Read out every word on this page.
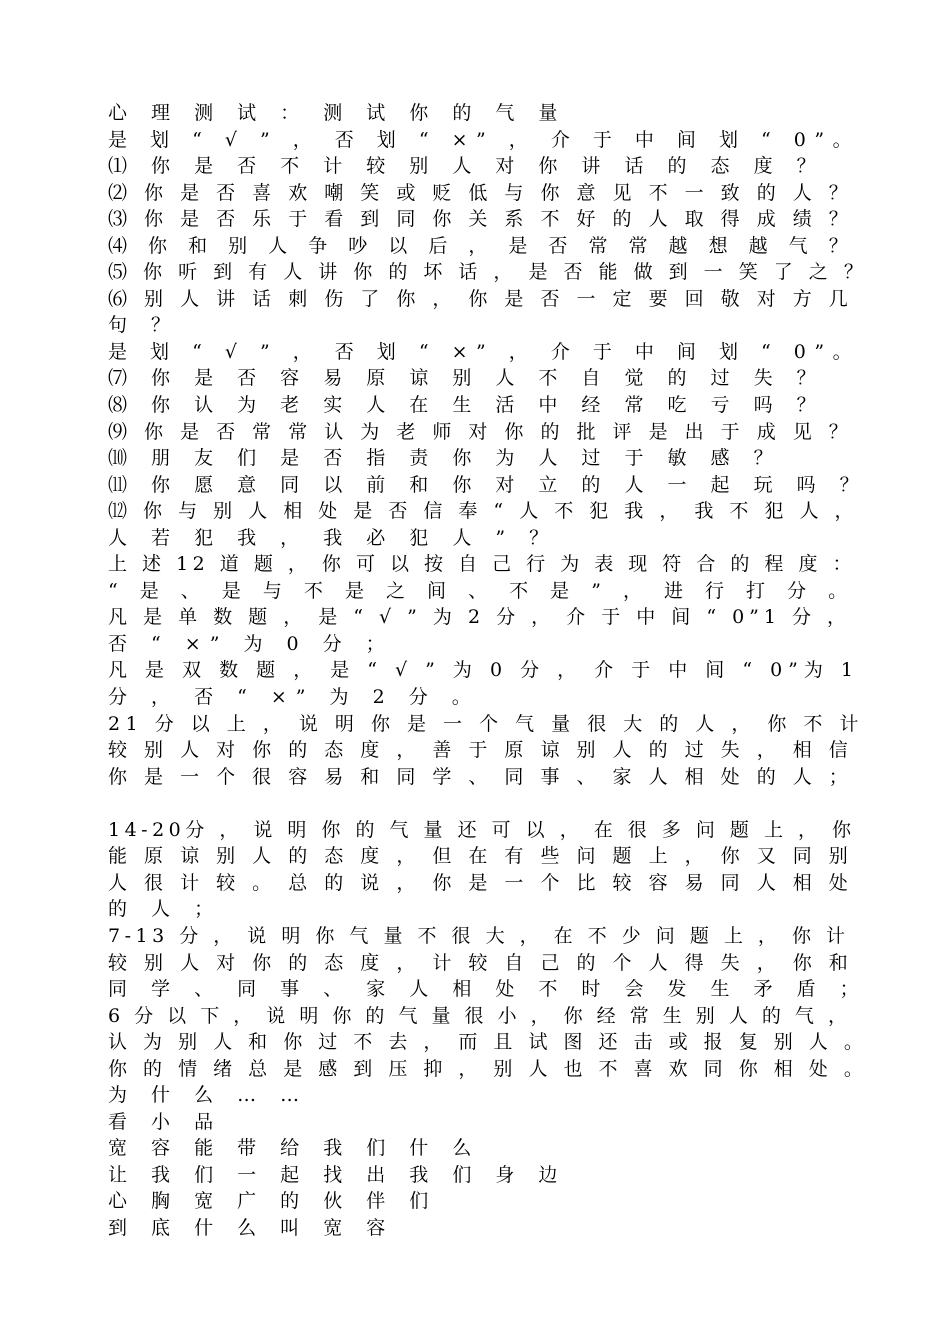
心 理 测 试 ： 测 试 你 的 气 量
是 划 “ √ ” ， 否 划 “ ×” ， 介 于 中 间 划 “ 0”。
⑴ 你 是 否 不 计 较 别 人 对 你 讲 话 的 态 度 ？
⑵ 你 是 否 喜 欢 嘲 笑 或 贬 低 与 你 意 见 不 一 致 的 人 ？
⑶ 你 是 否 乐 于 看 到 同 你 关 系 不 好 的 人 取 得 成 绩 ？
⑷ 你 和 别 人 争 吵 以 后 ， 是 否 常 常 越 想 越 气 ？
⑸ 你 听 到 有 人 讲 你 的 坏 话 ， 是 否 能 做 到 一 笑 了 之 ？
⑹ 别 人 讲 话 刺 伤 了 你 ， 你 是 否 一 定 要 回 敬 对 方 几
句 ？
是 划 “ √ ” ， 否 划 “ ×” ， 介 于 中 间 划 “ 0”。
⑺ 你 是 否 容 易 原 谅 别 人 不 自 觉 的 过 失 ？
⑻ 你 认 为 老 实 人 在 生 活 中 经 常 吃 亏 吗 ？
⑼ 你 是 否 常 常 认 为 老 师 对 你 的 批 评 是 出 于 成 见 ？
⑽ 朋 友 们 是 否 指 责 你 为 人 过 于 敏 感 ？
⑾ 你 愿 意 同 以 前 和 你 对 立 的 人 一 起 玩 吗 ？
⑿ 你 与 别 人 相 处 是 否 信 奉 “ 人 不 犯 我 ， 我 不 犯 人 ，
人 若 犯 我 ， 我 必 犯 人 ” ？
上 述 12 道 题 ， 你 可 以 按 自 己 行 为 表 现 符 合 的 程 度 ：
“ 是 、 是 与 不 是 之 间 、 不 是 ” ， 进 行 打 分 。
凡 是 单 数 题 ， 是 “ √ ” 为 2 分 ， 介 于 中 间 “ 0”1 分 ，
否 “ ×” 为 0 分 ；
凡 是 双 数 题 ， 是 “ √ ” 为 0 分 ， 介 于 中 间 “ 0”为 1
分 ， 否 “ ×” 为 2 分 。
21 分 以 上 ， 说 明 你 是 一 个 气 量 很 大 的 人 ， 你 不 计
较 别 人 对 你 的 态 度 ， 善 于 原 谅 别 人 的 过 失 ， 相 信
你 是 一 个 很 容 易 和 同 学 、 同 事 、 家 人 相 处 的 人 ；
14-20分 ， 说 明 你 的 气 量 还 可 以 ， 在 很 多 问 题 上 ， 你
能 原 谅 别 人 的 态 度 ， 但 在 有 些 问 题 上 ， 你 又 同 别
人 很 计 较 。 总 的 说 ， 你 是 一 个 比 较 容 易 同 人 相 处
的 人 ；
7-13 分 ， 说 明 你 气 量 不 很 大 ， 在 不 少 问 题 上 ， 你 计
较 别 人 对 你 的 态 度 ， 计 较 自 己 的 个 人 得 失 ， 你 和
同 学 、 同 事 、 家 人 相 处 不 时 会 发 生 矛 盾 ；
6 分 以 下 ， 说 明 你 的 气 量 很 小 ， 你 经 常 生 别 人 的 气 ，
认 为 别 人 和 你 过 不 去 ， 而 且 试 图 还 击 或 报 复 别 人 。
你 的 情 绪 总 是 感 到 压 抑 ， 别 人 也 不 喜 欢 同 你 相 处 。
为 什 么 … …
看 小 品
宽 容 能 带 给 我 们 什 么
让 我 们 一 起 找 出 我 们 身 边
心 胸 宽 广 的 伙 伴 们
到 底 什 么 叫 宽 容
